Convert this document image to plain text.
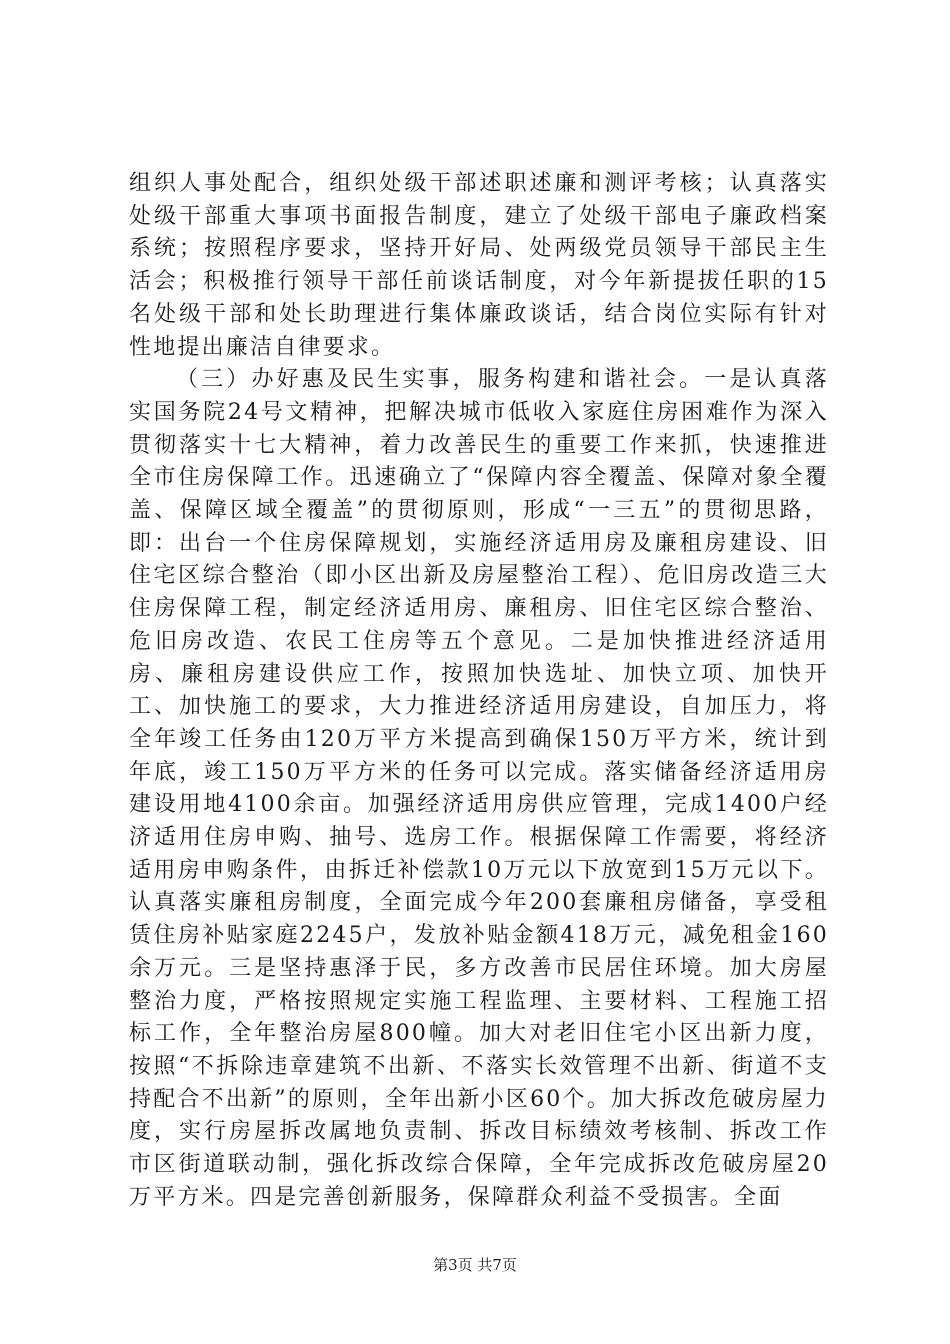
组织人事处配合，组织处级干部述职述廉和测评考核；认真落实处级干部重大事项书面报告制度，建立了处级干部电子廉政档案系统；按照程序要求，坚持开好局、处两级党员领导干部民主生活会；积极推行领导干部任前谈话制度，对今年新提拔任职的15名处级干部和处长助理进行集体廉政谈话，结合岗位实际有针对性地提出廉洁自律要求。

（三）办好惠及民生实事，服务构建和谐社会。一是认真落实国务院24号文精神，把解决城市低收入家庭住房困难作为深入贯彻落实十七大精神，着力改善民生的重要工作来抓，快速推进全市住房保障工作。迅速确立了“保障内容全覆盖、保障对象全覆盖、保障区域全覆盖”的贯彻原则，形成“一三五”的贯彻思路，即：出台一个住房保障规划，实施经济适用房及廉租房建设、旧住宅区综合整治（即小区出新及房屋整治工程）、危旧房改造三大住房保障工程，制定经济适用房、廉租房、旧住宅区综合整治、危旧房改造、农民工住房等五个意见。二是加快推进经济适用房、廉租房建设供应工作，按照加快选址、加快立项、加快开工、加快施工的要求，大力推进经济适用房建设，自加压力，将全年竣工任务由120万平方米提高到确保150万平方米，统计到年底，竣工150万平方米的任务可以完成。落实储备经济适用房建设用地4100余亩。加强经济适用房供应管理，完成1400户经济适用住房申购、抽号、选房工作。根据保障工作需要，将经济适用房申购条件，由拆迁补偿款10万元以下放宽到15万元以下。认真落实廉租房制度，全面完成今年200套廉租房储备，享受租赁住房补贴家庭2245户，发放补贴金额418万元，减免租金160余万元。三是坚持惠泽于民，多方改善市民居住环境。加大房屋整治力度，严格按照规定实施工程监理、主要材料、工程施工招标工作，全年整治房屋800幢。加大对老旧住宅小区出新力度，按照“不拆除违章建筑不出新、不落实长效管理不出新、街道不支持配合不出新”的原则，全年出新小区60个。加大拆改危破房屋力度，实行房屋拆改属地负责制、拆改目标绩效考核制、拆改工作市区街道联动制，强化拆改综合保障，全年完成拆改危破房屋20万平方米。四是完善创新服务，保障群众利益不受损害。全面

第3页 共7页
